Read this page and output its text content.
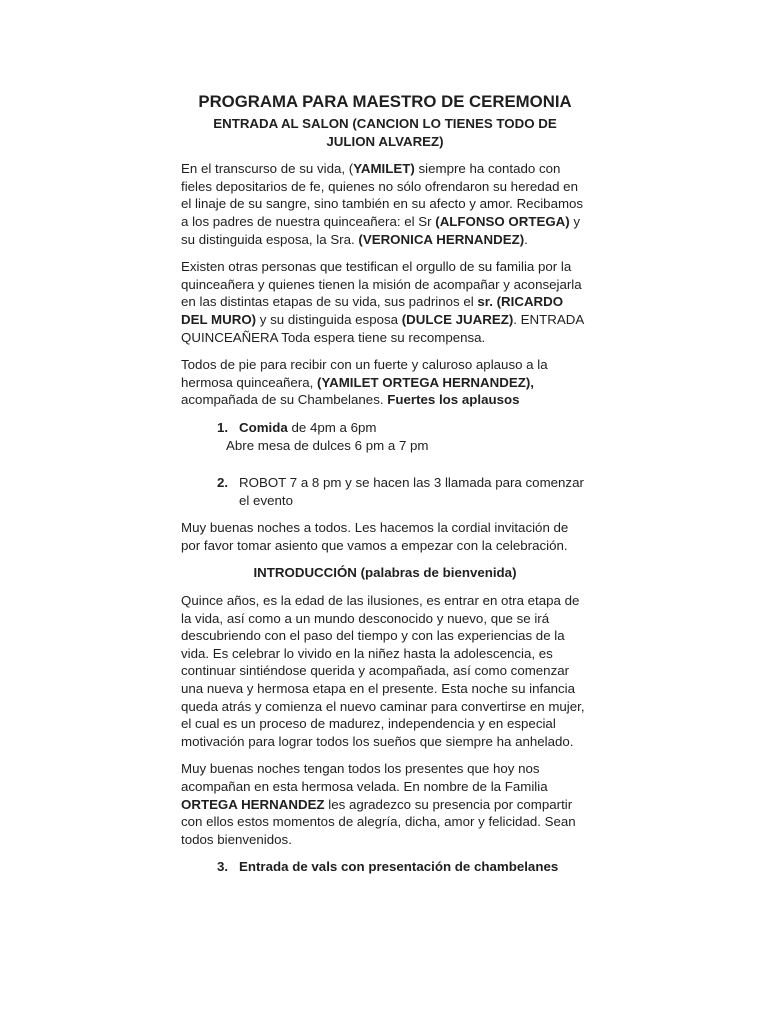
PROGRAMA PARA MAESTRO DE CEREMONIA
ENTRADA AL SALON (CANCION LO TIENES TODO DE
JULION ALVAREZ)

En el transcurso de su vida, (YAMILET) siempre ha contado con fieles depositarios de fe, quienes no sólo ofrendaron su heredad en el linaje de su sangre, sino también en su afecto y amor. Recibamos a los padres de nuestra quinceañera: el Sr (ALFONSO ORTEGA) y su distinguida esposa, la Sra. (VERONICA HERNANDEZ).

Existen otras personas que testifican el orgullo de su familia por la quinceañera y quienes tienen la misión de acompañar y aconsejarla en las distintas etapas de su vida, sus padrinos el sr. (RICARDO DEL MURO) y su distinguida esposa (DULCE JUAREZ). ENTRADA QUINCEAÑERA Toda espera tiene su recompensa.

Todos de pie para recibir con un fuerte y caluroso aplauso a la hermosa quinceañera, (YAMILET ORTEGA HERNANDEZ), acompañada de su Chambelanes. Fuertes los aplausos

1. Comida de 4pm a 6pm
Abre mesa de dulces 6 pm a 7 pm
2. ROBOT 7 a 8 pm y se hacen las 3 llamada para comenzar el evento

Muy buenas noches a todos. Les hacemos la cordial invitación de por favor tomar asiento que vamos a empezar con la celebración.

INTRODUCCIÓN (palabras de bienvenida)

Quince años, es la edad de las ilusiones, es entrar en otra etapa de la vida, así como a un mundo desconocido y nuevo, que se irá descubriendo con el paso del tiempo y con las experiencias de la vida. Es celebrar lo vivido en la niñez hasta la adolescencia, es continuar sintiéndose querida y acompañada, así como comenzar una nueva y hermosa etapa en el presente. Esta noche su infancia queda atrás y comienza el nuevo caminar para convertirse en mujer, el cual es un proceso de madurez, independencia y en especial motivación para lograr todos los sueños que siempre ha anhelado.

Muy buenas noches tengan todos los presentes que hoy nos acompañan en esta hermosa velada. En nombre de la Familia ORTEGA HERNANDEZ les agradezco su presencia por compartir con ellos estos momentos de alegría, dicha, amor y felicidad. Sean todos bienvenidos.

3. Entrada de vals con presentación de chambelanes
